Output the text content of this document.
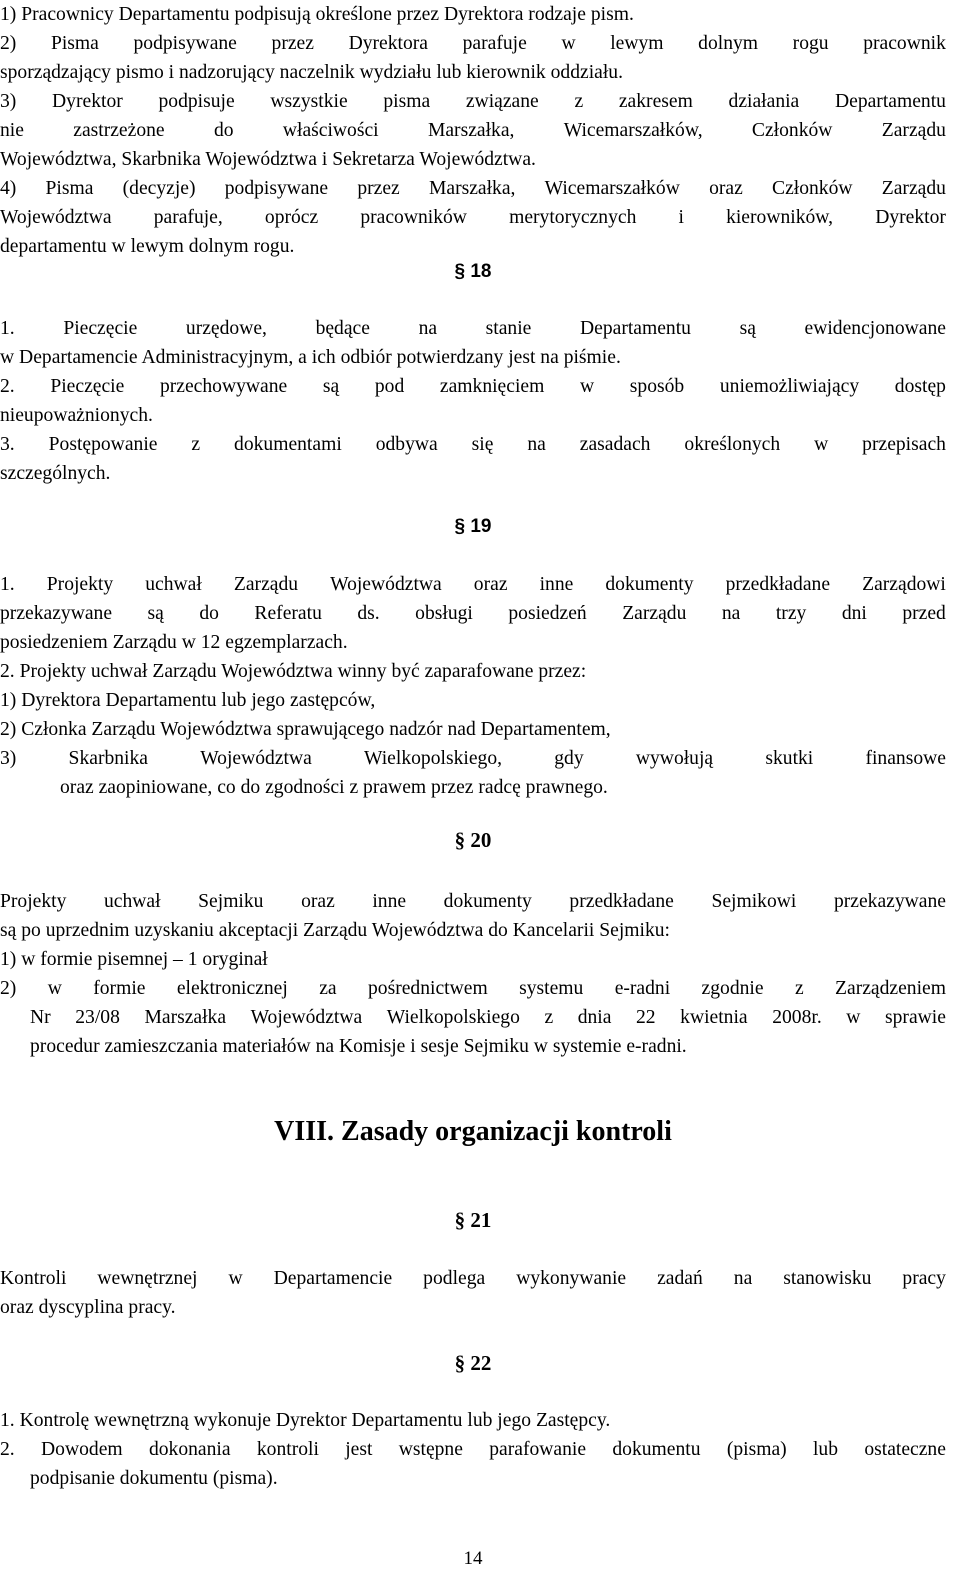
VIII. Zasady organizacji kontroli
14
1) Pracownicy Departamentu podpisują określone przez Dyrektora rodzaje pism.
2) Pisma podpisywane przez Dyrektora parafuje w lewym dolnym rogu pracownik
sporządzający pismo i nadzorujący naczelnik wydziału lub kierownik oddziału.
3) Dyrektor podpisuje wszystkie pisma związane z zakresem działania Departamentu
nie	zastrzeżone	do	właściwości	Marszałka,	Wicemarszałków,	Członków	Zarządu
Województwa, Skarbnika Województwa i Sekretarza Województwa.
4) Pisma (decyzje) podpisywane przez Marszałka, Wicemarszałków oraz Członków Zarządu
Województwa parafuje, oprócz pracowników merytorycznych i kierowników, Dyrektor
departamentu w lewym dolnym rogu.
1. Pieczęcie urzędowe, będące na stanie Departamentu są ewidencjonowane
w Departamencie Administracyjnym, a ich odbiór potwierdzany jest na piśmie.
2. Pieczęcie przechowywane są pod zamknięciem w sposób uniemożliwiający dostęp
nieupoważnionych.
3. Postępowanie z dokumentami odbywa się na zasadach określonych w przepisach
szczególnych.
1. Projekty uchwał Zarządu Województwa oraz inne dokumenty przedkładane Zarządowi
przekazywane są do Referatu ds. obsługi posiedzeń Zarządu na trzy dni przed
posiedzeniem Zarządu w 12 egzemplarzach.
2. Projekty uchwał Zarządu Województwa winny być zaparafowane przez:
1) Dyrektora Departamentu lub jego zastępców,
2) Członka Zarządu Województwa sprawującego nadzór nad Departamentem,
3)	Skarbnika	Województwa	Wielkopolskiego,	gdy	wywołują	skutki	finansowe
oraz zaopiniowane, co do zgodności z prawem przez radcę prawnego.
Projekty uchwał Sejmiku oraz inne dokumenty przedkładane Sejmikowi przekazywane
są po uprzednim uzyskaniu akceptacji Zarządu Województwa do Kancelarii Sejmiku:
1) w formie pisemnej – 1 oryginał
2) w formie elektronicznej za pośrednictwem systemu e-radni zgodnie z Zarządzeniem
Nr 23/08 Marszałka Województwa Wielkopolskiego z dnia 22 kwietnia 2008r. w sprawie
procedur zamieszczania materiałów na Komisje i sesje Sejmiku w systemie e-radni.
Kontroli wewnętrznej w Departamencie podlega wykonywanie zadań na stanowisku pracy
oraz dyscyplina pracy.
1. Kontrolę wewnętrzną wykonuje Dyrektor Departamentu lub jego Zastępcy.
2. Dowodem dokonania kontroli jest wstępne parafowanie dokumentu (pisma) lub ostateczne
podpisanie dokumentu (pisma).
§ 18
§ 19
§ 20
§ 21
§ 22
